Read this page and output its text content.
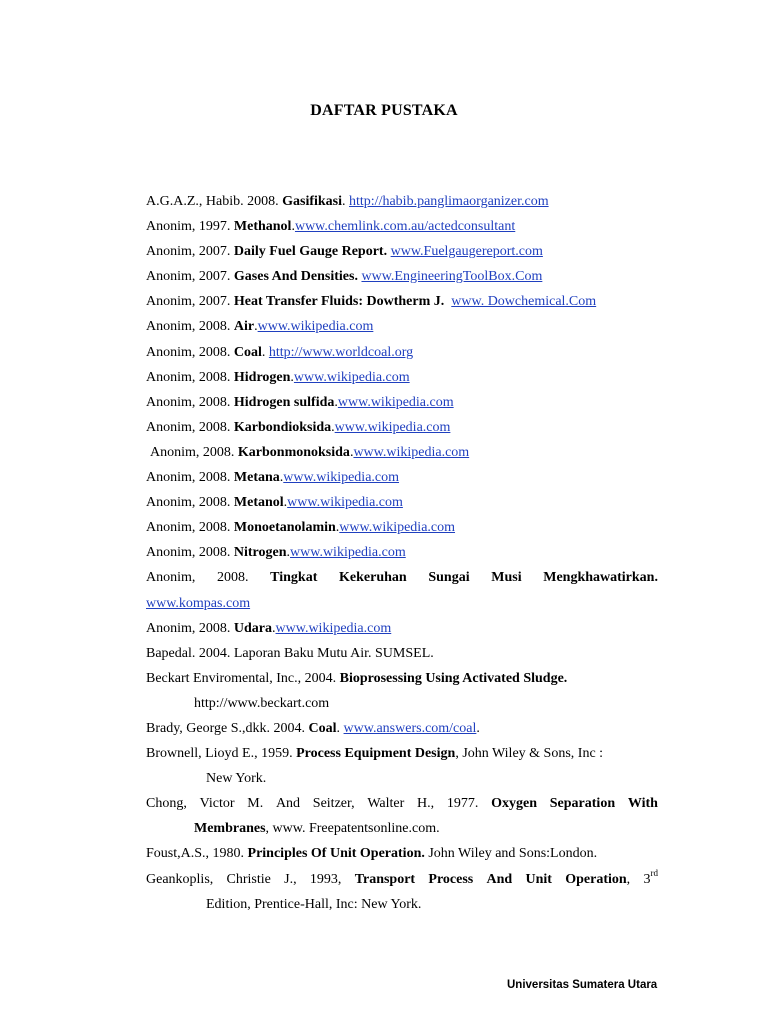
DAFTAR PUSTAKA
A.G.A.Z., Habib. 2008. Gasifikasi. http://habib.panglimaorganizer.com
Anonim, 1997. Methanol.www.chemlink.com.au/actedconsultant
Anonim, 2007. Daily Fuel Gauge Report. www.Fuelgaugereport.com
Anonim, 2007. Gases And Densities. www.EngineeringToolBox.Com
Anonim, 2007. Heat Transfer Fluids: Dowtherm J. www. Dowchemical.Com
Anonim, 2008. Air.www.wikipedia.com
Anonim, 2008. Coal. http://www.worldcoal.org
Anonim, 2008. Hidrogen.www.wikipedia.com
Anonim, 2008. Hidrogen sulfida.www.wikipedia.com
Anonim, 2008. Karbondioksida.www.wikipedia.com
Anonim, 2008. Karbonmonoksida.www.wikipedia.com
Anonim, 2008. Metana.www.wikipedia.com
Anonim, 2008. Metanol.www.wikipedia.com
Anonim, 2008. Monoetanolamin.www.wikipedia.com
Anonim, 2008. Nitrogen.www.wikipedia.com
Anonim, 2008. Tingkat Kekeruhan Sungai Musi Mengkhawatirkan.
www.kompas.com
Anonim, 2008. Udara.www.wikipedia.com
Bapedal. 2004. Laporan Baku Mutu Air. SUMSEL.
Beckart Enviromental, Inc., 2004. Bioprosessing Using Activated Sludge.
http://www.beckart.com
Brady, George S.,dkk. 2004. Coal. www.answers.com/coal.
Brownell, Lioyd E., 1959. Process Equipment Design, John Wiley & Sons, Inc :
New York.
Chong, Victor M. And Seitzer, Walter H., 1977. Oxygen Separation With
Membranes, www. Freepatentsonline.com.
Foust,A.S., 1980. Principles Of Unit Operation. John Wiley and Sons:London.
Geankoplis, Christie J., 1993, Transport Process And Unit Operation, 3rd
Edition, Prentice-Hall, Inc: New York.
Universitas Sumatera Utara
